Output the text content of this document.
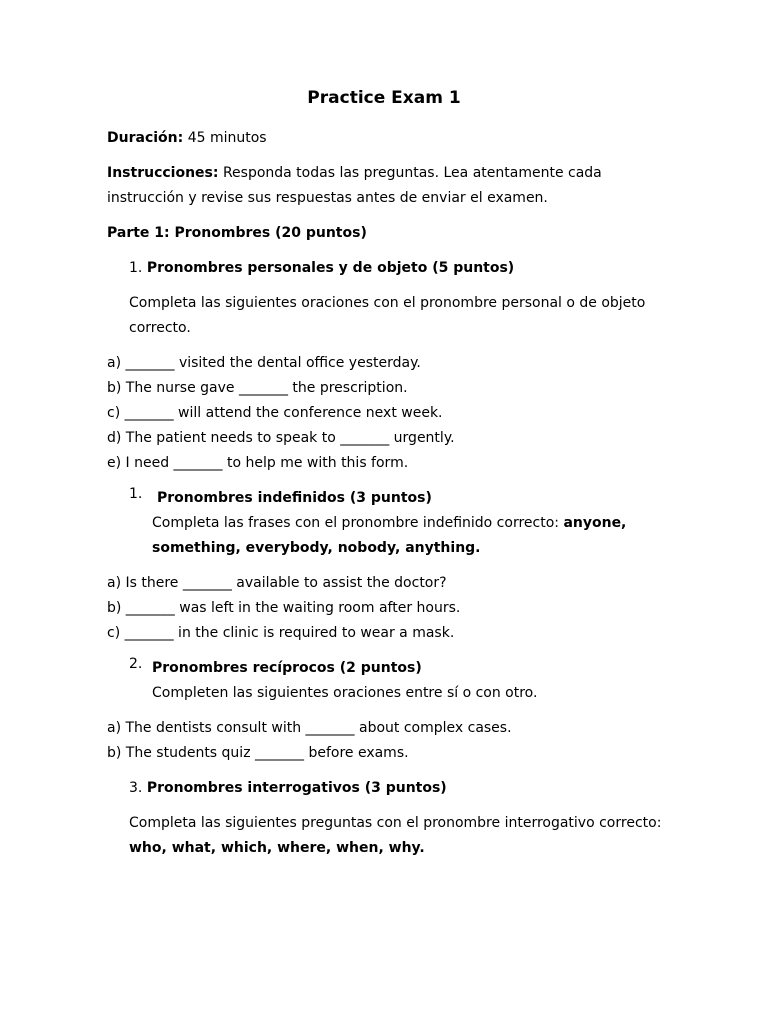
Practice Exam 1

Duración: 45 minutos

Instrucciones: Responda todas las preguntas. Lea atentamente cada instrucción y revise sus respuestas antes de enviar el examen.

Parte 1: Pronombres (20 puntos)

1. Pronombres personales y de objeto (5 puntos)

Completa las siguientes oraciones con el pronombre personal o de objeto correcto.

a) _______ visited the dental office yesterday.

b) The nurse gave _______ the prescription.

c) _______ will attend the conference next week.

d) The patient needs to speak to _______ urgently.

e) I need _______ to help me with this form.

1.	Pronombres indefinidos (3 puntos)

Completa las frases con el pronombre indefinido correcto: anyone, something, everybody, nobody, anything.

a) Is there _______ available to assist the doctor?

b) _______ was left in the waiting room after hours.

c) _______ in the clinic is required to wear a mask.

2. Pronombres recíprocos (2 puntos)

Completen las siguientes oraciones entre sí o con otro.

a) The dentists consult with _______ about complex cases.

b) The students quiz _______ before exams.

3. Pronombres interrogativos (3 puntos)

Completa las siguientes preguntas con el pronombre interrogativo correcto:

who, what, which, where, when, why.
